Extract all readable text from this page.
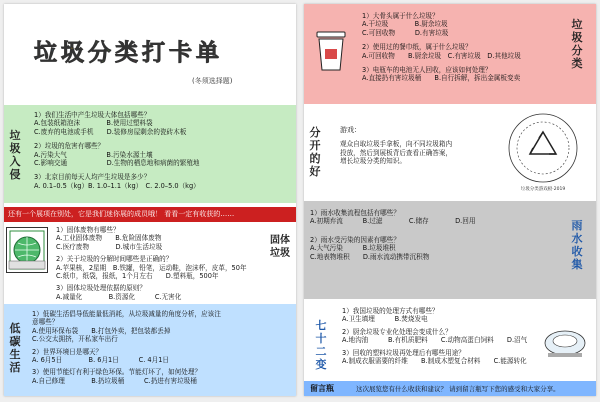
垃圾分类打卡单
(冬须选择题)
垃圾入侵

1）我们生活中产生垃圾大体包括哪些？

A.包装纸箱泡沫　　　　B.使用过塑料袋

C.废弃的电池或手机　　D.装修房屋剩余的瓷砖木板

2）垃圾的危害有哪些？

A.污染大气　　　　　　B.污染水源土壤

C.影响交通　　　　　　D.生物的栖息地和病菌的繁殖地

3）北京目前每天人均产生垃圾是多少？

A. 0.1–0.5（kg）B. 1.0–1.1（kg）　C. 2.0–5.0（kg）

还有一个展项在别处，它是我们迷你展的成员哦！ 看看一定有收获的……

1）固体废物有哪些？

A.工业固体废物　　B.危险固体废物

C.医疗废物　　　　D.城市生活垃圾

2）关于垃圾的分解时间哪些是正确的？

A.苹果核，2星期　B.铁罐，铅笔，运动鞋，泡沫杯，皮革，50年

C.纸巾，纸袋，报纸，1个月左右　　D.塑料瓶，500年

3）固体垃圾处理依据的原则？

A.减量化　　　　B.资源化　　　C.无害化

固体垃圾
低碳生活

1）低碳生活倡导低能量低消耗，从垃圾减量的角度分析，应该注

意哪些？

A.使用环保布袋　　B.打包外卖，把包装都丢掉

C.公交太拥挤，开私家车出行

2）世界环境日是哪天？

A. 6月5日　　　　B. 6月1日　　　C. 4月1日

3）使用节能灯有利于绿色环保。节能灯坏了，如何处理？

A.自己修理　　　　B.扔垃圾桶　　　C.扔进有害垃圾桶

1）大骨头属于什么垃圾？

A.干垃圾　　　　B.厨余垃圾

C.可回收物　　　D.有害垃圾

2）使用过的餐巾纸，属于什么垃圾？

A.可回收物　　B.厨余垃圾　C.有害垃圾　D.其他垃圾

3）电瓶车的电池无人回收，应该如何处理？

A.直接扔有害垃圾桶　　B.自行拆解，拆出金属板变卖

垃圾分类
分开的好

游戏：

观众自取垃圾手拿板，向不同垃圾箱内

投放，然后到展板背后查看正确答案，

增长垃圾分类的知识。

垃圾分类游戏板·2019

1）雨水收集流程包括有哪些？

A.初期弃流　　　B.过滤　　　　C.储存　　　　D.回用

2）雨水受污染的因素有哪些？

A.大气污染　　　B.垃圾堆积

C.地表物堆积　　D.雨水流动携带沉积物

雨水收集
七十二变

1）我国垃圾的处理方式有哪些？

A.卫生填埋　　　B.焚烧发电

2）厨余垃圾专业化处理会变成什么？

A.地沟油　　　B.有机质肥料　　C.动物高蛋白饲料　　D.沼气

3）回收的塑料垃圾再处理后有哪些用途？

A.制成衣服需要的纤维　　B.制成木塑复合材料　　C.能源转化

留言瓶	这次展览您有什么收获和建议？ 请到留言瓶写下您的感受和大家分享。
